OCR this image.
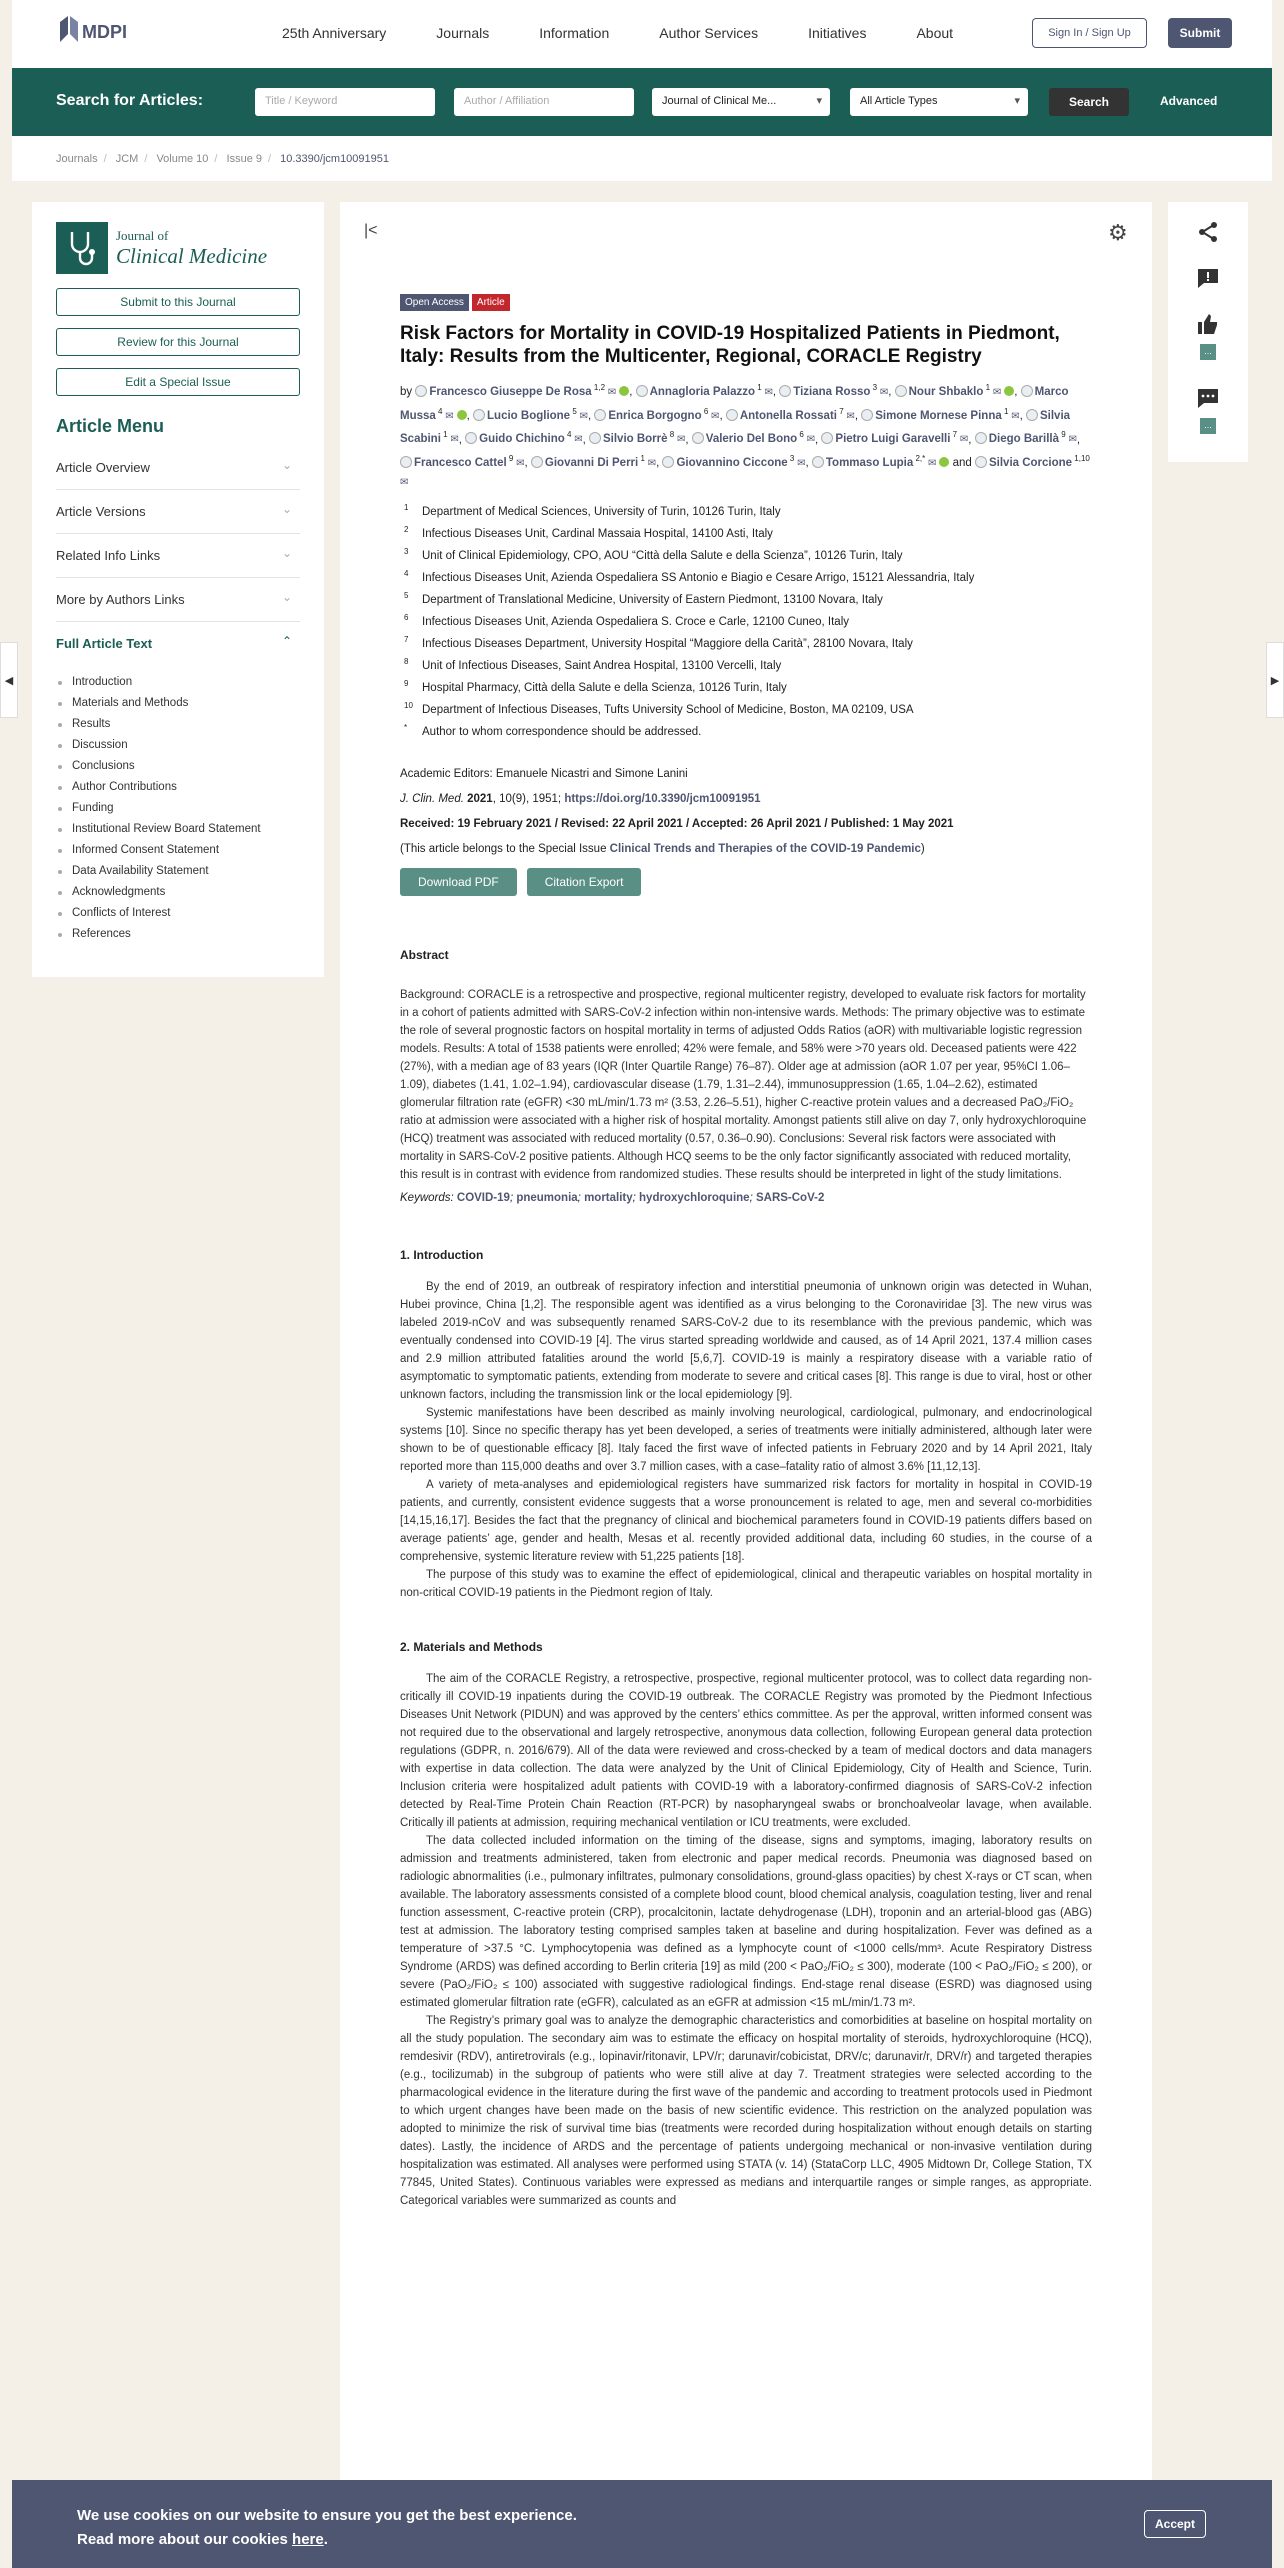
MDPI	25th Anniversary	Journals	Information	Author Services	Initiatives	About	Sign In / Sign Up	Submit
Search for Articles:	Title / Keyword	Author / Affiliation	Journal of Clinical Me... ▾	All Article Types ▾	Search	Advanced
Journals / JCM / Volume 10 / Issue 9 / 10.3390/jcm10091951
Journal of
Clinical Medicine
Submit to this Journal
Review for this Journal
Edit a Special Issue
Article Menu
Article Overview	⌄
Article Versions	⌄
Related Info Links	⌄
More by Authors Links	⌄
Full Article Text	⌃
Introduction
Materials and Methods
Results
Discussion
Conclusions
Author Contributions
Funding
Institutional Review Board Statement
Informed Consent Statement
Data Availability Statement
Acknowledgments
Conflicts of Interest
References
|<	⚙
Open Access Article
Risk Factors for Mortality in COVID-19 Hospitalized Patients in Piedmont, Italy: Results from the Multicenter, Regional, CORACLE Registry
by Francesco Giuseppe De Rosa $^{1,2}$ ✉ , Annagloria Palazzo $^1$ ✉, Tiziana Rosso $^3$ ✉, Nour Shbaklo $^1$ ✉ , Marco Mussa $^4$ ✉ , Lucio Boglione $^5$ ✉, Enrica Borgogno $^6$ ✉, Antonella Rossati $^7$ ✉, Simone Mornese Pinna $^1$ ✉, Silvia Scabini $^1$ ✉, Guido Chichino $^4$ ✉, Silvio Borrè $^8$ ✉, Valerio Del Bono $^6$ ✉, Pietro Luigi Garavelli $^7$ ✉, Diego Barillà $^9$ ✉, Francesco Cattel $^9$ ✉, Giovanni Di Perri $^1$ ✉, Giovannino Ciccone $^3$ ✉, Tommaso Lupia $^{2,*}$ ✉ and Silvia Corcione $^{1,10}$ ✉
1 Department of Medical Sciences, University of Turin, 10126 Turin, Italy
2 Infectious Diseases Unit, Cardinal Massaia Hospital, 14100 Asti, Italy
3 Unit of Clinical Epidemiology, CPO, AOU “Città della Salute e della Scienza”, 10126 Turin, Italy
4 Infectious Diseases Unit, Azienda Ospedaliera SS Antonio e Biagio e Cesare Arrigo, 15121 Alessandria, Italy
5 Department of Translational Medicine, University of Eastern Piedmont, 13100 Novara, Italy
6 Infectious Diseases Unit, Azienda Ospedaliera S. Croce e Carle, 12100 Cuneo, Italy
7 Infectious Diseases Department, University Hospital “Maggiore della Carità”, 28100 Novara, Italy
8 Unit of Infectious Diseases, Saint Andrea Hospital, 13100 Vercelli, Italy
9 Hospital Pharmacy, Città della Salute e della Scienza, 10126 Turin, Italy
10 Department of Infectious Diseases, Tufts University School of Medicine, Boston, MA 02109, USA
* Author to whom correspondence should be addressed.
Academic Editors: Emanuele Nicastri and Simone Lanini
J. Clin. Med. 2021, 10(9), 1951; https://doi.org/10.3390/jcm10091951
Received: 19 February 2021 / Revised: 22 April 2021 / Accepted: 26 April 2021 / Published: 1 May 2021
(This article belongs to the Special Issue Clinical Trends and Therapies of the COVID-19 Pandemic)
Download PDF	Citation Export
Abstract
Background: CORACLE is a retrospective and prospective, regional multicenter registry, developed to evaluate risk factors for mortality in a cohort of patients admitted with SARS-CoV-2 infection within non-intensive wards. Methods: The primary objective was to estimate the role of several prognostic factors on hospital mortality in terms of adjusted Odds Ratios (aOR) with multivariable logistic regression models. Results: A total of 1538 patients were enrolled; 42% were female, and 58% were >70 years old. Deceased patients were 422 (27%), with a median age of 83 years (IQR (Inter Quartile Range) 76–87). Older age at admission (aOR 1.07 per year, 95%CI 1.06–1.09), diabetes (1.41, 1.02–1.94), cardiovascular disease (1.79, 1.31–2.44), immunosuppression (1.65, 1.04–2.62), estimated glomerular filtration rate (eGFR) <30 mL/min/1.73 m² (3.53, 2.26–5.51), higher C-reactive protein values and a decreased PaO₂/FiO₂ ratio at admission were associated with a higher risk of hospital mortality. Amongst patients still alive on day 7, only hydroxychloroquine (HCQ) treatment was associated with reduced mortality (0.57, 0.36–0.90). Conclusions: Several risk factors were associated with mortality in SARS-CoV-2 positive patients. Although HCQ seems to be the only factor significantly associated with reduced mortality, this result is in contrast with evidence from randomized studies. These results should be interpreted in light of the study limitations.
Keywords: COVID-19; pneumonia; mortality; hydroxychloroquine; SARS-CoV-2
1. Introduction
By the end of 2019, an outbreak of respiratory infection and interstitial pneumonia of unknown origin was detected in Wuhan, Hubei province, China [1,2]. The responsible agent was identified as a virus belonging to the Coronaviridae [3]. The new virus was labeled 2019-nCoV and was subsequently renamed SARS-CoV-2 due to its resemblance with the previous pandemic, which was eventually condensed into COVID-19 [4]. The virus started spreading worldwide and caused, as of 14 April 2021, 137.4 million cases and 2.9 million attributed fatalities around the world [5,6,7]. COVID-19 is mainly a respiratory disease with a variable ratio of asymptomatic to symptomatic patients, extending from moderate to severe and critical cases [8]. This range is due to viral, host or other unknown factors, including the transmission link or the local epidemiology [9].
Systemic manifestations have been described as mainly involving neurological, cardiological, pulmonary, and endocrinological systems [10]. Since no specific therapy has yet been developed, a series of treatments were initially administered, although later were shown to be of questionable efficacy [8]. Italy faced the first wave of infected patients in February 2020 and by 14 April 2021, Italy reported more than 115,000 deaths and over 3.7 million cases, with a case–fatality ratio of almost 3.6% [11,12,13].
A variety of meta-analyses and epidemiological registers have summarized risk factors for mortality in hospital in COVID-19 patients, and currently, consistent evidence suggests that a worse pronouncement is related to age, men and several co-morbidities [14,15,16,17]. Besides the fact that the pregnancy of clinical and biochemical parameters found in COVID-19 patients differs based on average patients’ age, gender and health, Mesas et al. recently provided additional data, including 60 studies, in the course of a comprehensive, systemic literature review with 51,225 patients [18].
The purpose of this study was to examine the effect of epidemiological, clinical and therapeutic variables on hospital mortality in non-critical COVID-19 patients in the Piedmont region of Italy.
2. Materials and Methods
The aim of the CORACLE Registry, a retrospective, prospective, regional multicenter protocol, was to collect data regarding non-critically ill COVID-19 inpatients during the COVID-19 outbreak. The CORACLE Registry was promoted by the Piedmont Infectious Diseases Unit Network (PIDUN) and was approved by the centers’ ethics committee. As per the approval, written informed consent was not required due to the observational and largely retrospective, anonymous data collection, following European general data protection regulations (GDPR, n. 2016/679). All of the data were reviewed and cross-checked by a team of medical doctors and data managers with expertise in data collection. The data were analyzed by the Unit of Clinical Epidemiology, City of Health and Science, Turin. Inclusion criteria were hospitalized adult patients with COVID-19 with a laboratory-confirmed diagnosis of SARS-CoV-2 infection detected by Real-Time Protein Chain Reaction (RT-PCR) by nasopharyngeal swabs or bronchoalveolar lavage, when available. Critically ill patients at admission, requiring mechanical ventilation or ICU treatments, were excluded.
The data collected included information on the timing of the disease, signs and symptoms, imaging, laboratory results on admission and treatments administered, taken from electronic and paper medical records. Pneumonia was diagnosed based on radiologic abnormalities (i.e., pulmonary infiltrates, pulmonary consolidations, ground-glass opacities) by chest X-rays or CT scan, when available. The laboratory assessments consisted of a complete blood count, blood chemical analysis, coagulation testing, liver and renal function assessment, C-reactive protein (CRP), procalcitonin, lactate dehydrogenase (LDH), troponin and an arterial-blood gas (ABG) test at admission. The laboratory testing comprised samples taken at baseline and during hospitalization. Fever was defined as a temperature of >37.5 °C. Lymphocytopenia was defined as a lymphocyte count of <1000 cells/mm³. Acute Respiratory Distress Syndrome (ARDS) was defined according to Berlin criteria [19] as mild (200 < PaO₂/FiO₂ ≤ 300), moderate (100 < PaO₂/FiO₂ ≤ 200), or severe (PaO₂/FiO₂ ≤ 100) associated with suggestive radiological findings. End-stage renal disease (ESRD) was diagnosed using estimated glomerular filtration rate (eGFR), calculated as an eGFR at admission <15 mL/min/1.73 m².
The Registry’s primary goal was to analyze the demographic characteristics and comorbidities at baseline on hospital mortality on all the study population. The secondary aim was to estimate the efficacy on hospital mortality of steroids, hydroxychloroquine (HCQ), remdesivir (RDV), antiretrovirals (e.g., lopinavir/ritonavir, LPV/r; darunavir/cobicistat, DRV/c; darunavir/r, DRV/r) and targeted therapies (e.g., tocilizumab) in the subgroup of patients who were still alive at day 7. Treatment strategies were selected according to the pharmacological evidence in the literature during the first wave of the pandemic and according to treatment protocols used in Piedmont to which urgent changes have been made on the basis of new scientific evidence. This restriction on the analyzed population was adopted to minimize the risk of survival time bias (treatments were recorded during hospitalization without enough details on starting dates). Lastly, the incidence of ARDS and the percentage of patients undergoing mechanical or non-invasive ventilation during hospitalization was estimated. All analyses were performed using STATA (v. 14) (StataCorp LLC, 4905 Midtown Dr, College Station, TX 77845, United States). Continuous variables were expressed as medians and interquartile ranges or simple ranges, as appropriate. Categorical variables were summarized as counts and
...
...
◀	▶
We use cookies on our website to ensure you get the best experience.
Read more about our cookies here.
Accept
